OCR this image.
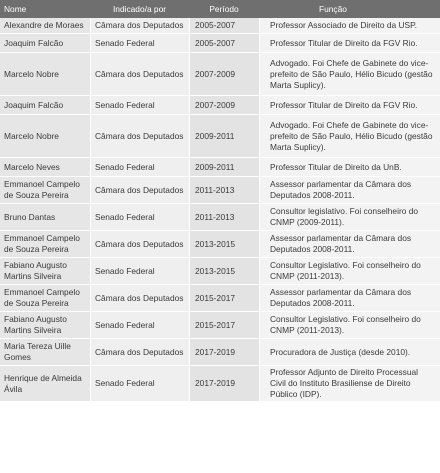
Nome	Indicado/a por	Período	Função
Alexandre de Moraes	Câmara dos Deputados	2005-2007	Professor Associado de Direito da USP.
Joaquim Falcão	Senado Federal	2005-2007	Professor Titular de Direito da FGV Rio.
Marcelo Nobre	Câmara dos Deputados	2007-2009	Advogado. Foi Chefe de Gabinete do vice-prefeito de São Paulo, Hélio Bicudo (gestão Marta Suplicy).
Joaquim Falcão	Senado Federal	2007-2009	Professor Titular de Direito da FGV Rio.
Marcelo Nobre	Câmara dos Deputados	2009-2011	Advogado. Foi Chefe de Gabinete do vice-prefeito de São Paulo, Hélio Bicudo (gestão Marta Suplicy).
Marcelo Neves	Senado Federal	2009-2011	Professor Titular de Direito da UnB.
Emmanoel Campelo de Souza Pereira	Câmara dos Deputados	2011-2013	Assessor parlamentar da Câmara dos Deputados 2008-2011.
Bruno Dantas	Senado Federal	2011-2013	Consultor legislativo. Foi conselheiro do CNMP (2009-2011).
Emmanoel Campelo de Souza Pereira	Câmara dos Deputados	2013-2015	Assessor parlamentar da Câmara dos Deputados 2008-2011.
Fabiano Augusto Martins Silveira	Senado Federal	2013-2015	Consultor Legislativo. Foi conselheiro do CNMP (2011-2013).
Emmanoel Campelo de Souza Pereira	Câmara dos Deputados	2015-2017	Assessor parlamentar da Câmara dos Deputados 2008-2011.
Fabiano Augusto Martins Silveira	Senado Federal	2015-2017	Consultor Legislativo. Foi conselheiro do CNMP (2011-2013).
Maria Tereza Uille Gomes	Câmara dos Deputados	2017-2019	Procuradora de Justiça (desde 2010).
Henrique de Almeida Ávila	Senado Federal	2017-2019	Professor Adjunto de Direito Processual Civil do Instituto Brasiliense de Direito Público (IDP).
